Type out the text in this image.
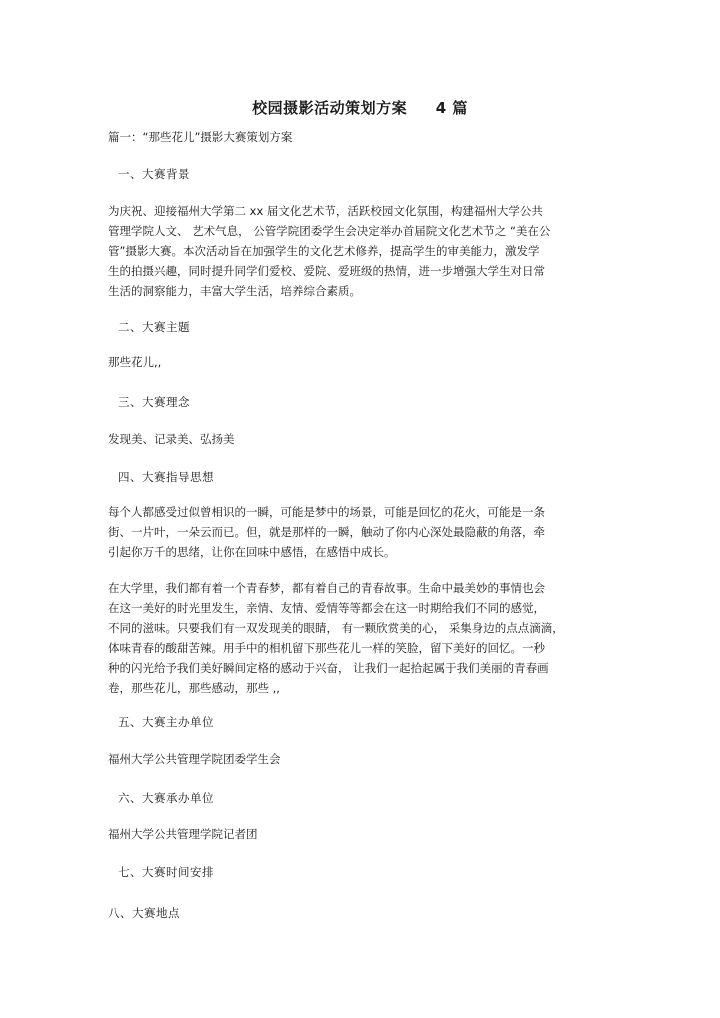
校园摄影活动策划方案     4 篇
篇一：“那些花儿”摄影大赛策划方案
一、大赛背景
为庆祝、迎接福州大学第二 xx 届文化艺术节，活跃校园文化氛围，构建福州大学公共
管理学院人文、 艺术气息， 公管学院团委学生会决定举办首届院文化艺术节之 “美在公
管”摄影大赛。本次活动旨在加强学生的文化艺术修养，提高学生的审美能力，激发学
生的拍摄兴趣，同时提升同学们爱校、爱院、爱班级的热情，进一步增强大学生对日常
生活的洞察能力，丰富大学生活，培养综合素质。
二、大赛主题
那些花儿,,
三、大赛理念
发现美、记录美、弘扬美
四、大赛指导思想
每个人都感受过似曾相识的一瞬，可能是梦中的场景，可能是回忆的花火，可能是一条
街、一片叶，一朵云而已。但，就是那样的一瞬，触动了你内心深处最隐蔽的角落，牵
引起你万千的思绪，让你在回味中感悟，在感悟中成长。
在大学里，我们都有着一个青春梦，都有着自己的青春故事。生命中最美妙的事情也会
在这一美好的时光里发生，亲情、友情、爱情等等都会在这一时期给我们不同的感觉，
不同的滋味。只要我们有一双发现美的眼睛， 有一颗欣赏美的心， 采集身边的点点滴滴，
体味青春的酸甜苦辣。用手中的相机留下那些花儿一样的笑脸，留下美好的回忆。一秒
种的闪光给予我们美好瞬间定格的感动于兴奋， 让我们一起拾起属于我们美丽的青春画
卷，那些花儿，那些感动，那些 ,,
五、大赛主办单位
福州大学公共管理学院团委学生会
六、大赛承办单位
福州大学公共管理学院记者团
七、大赛时间安排
八、大赛地点
